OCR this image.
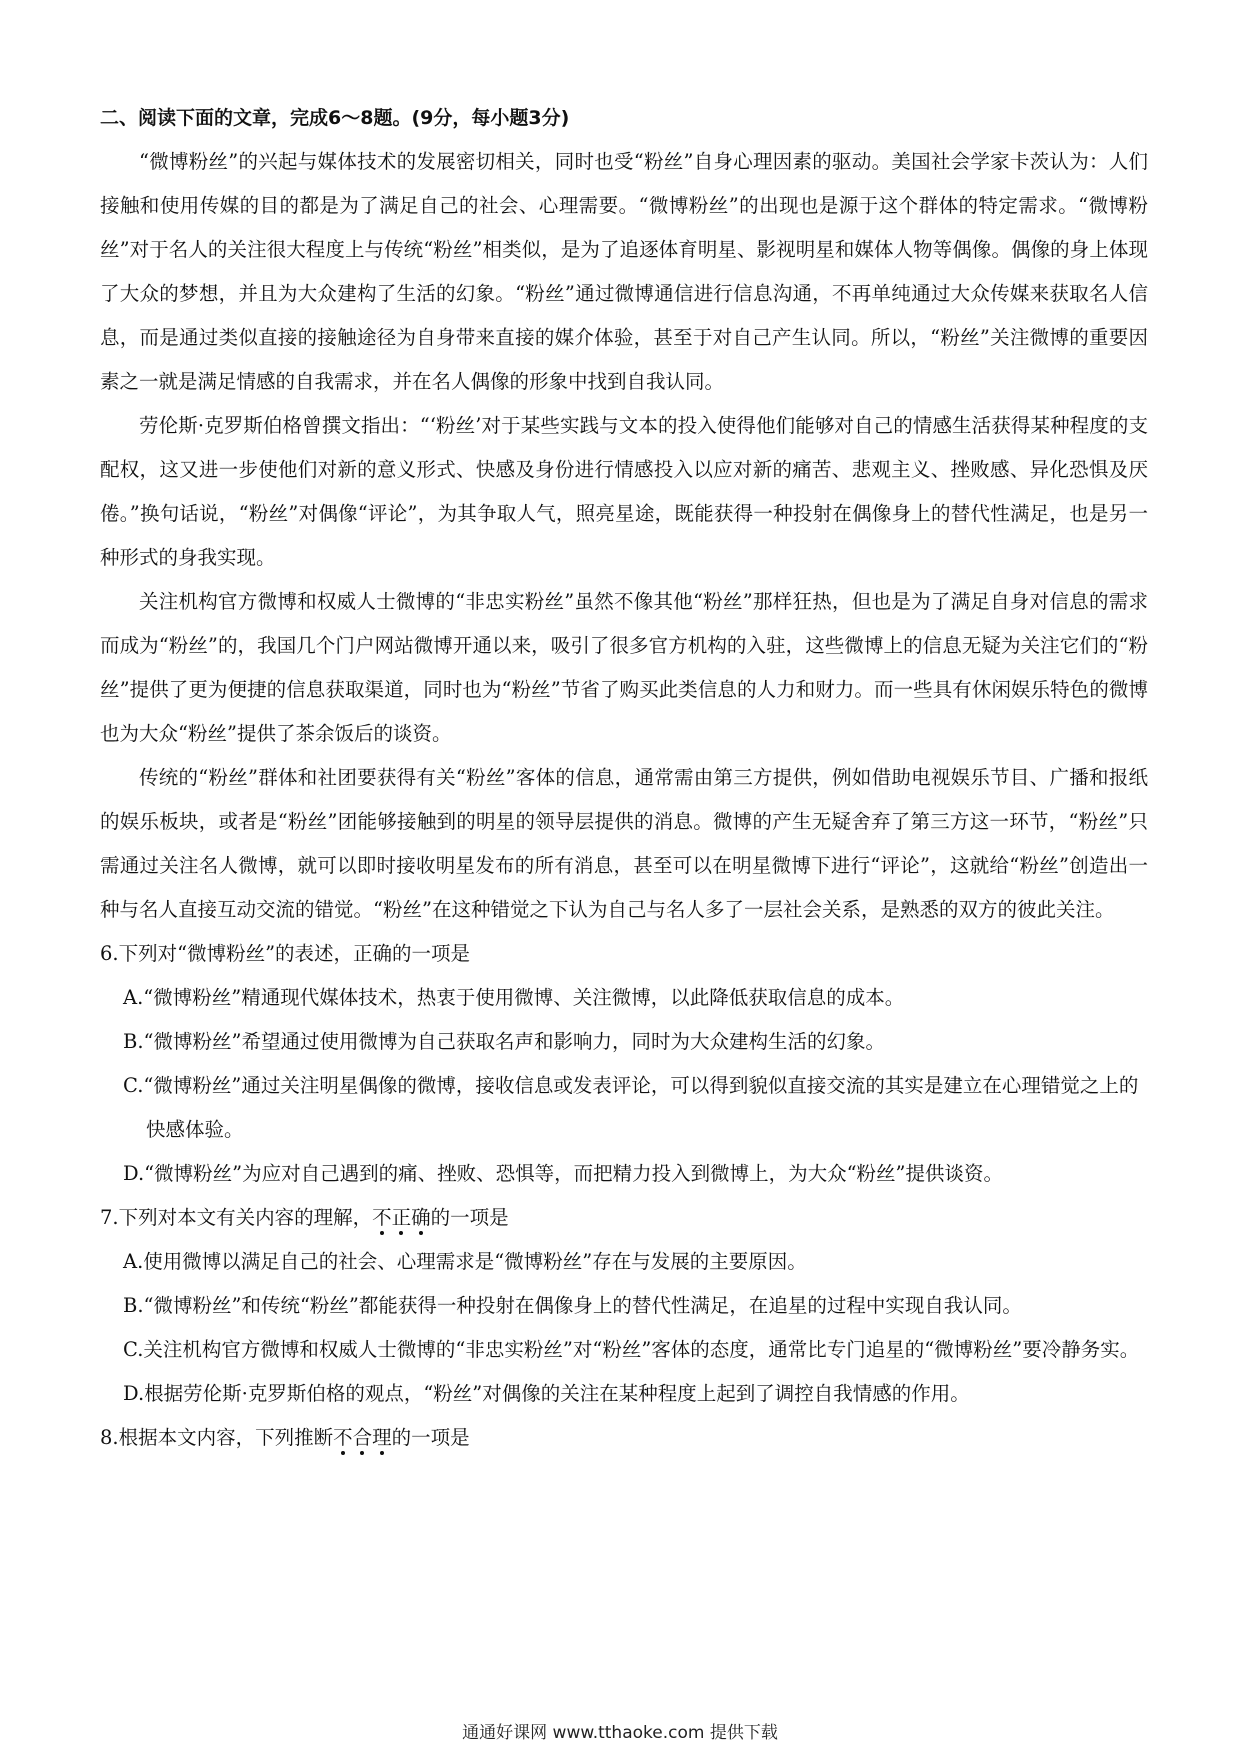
二、阅读下面的文章，完成6～8题。(9分，每小题3分)

“微博粉丝”的兴起与媒体技术的发展密切相关，同时也受“粉丝”自身心理因素的驱动。美国社会学家卡茨认为：人们接触和使用传媒的目的都是为了满足自己的社会、心理需要。“微博粉丝”的出现也是源于这个群体的特定需求。“微博粉丝”对于名人的关注很大程度上与传统“粉丝”相类似，是为了追逐体育明星、影视明星和媒体人物等偶像。偶像的身上体现了大众的梦想，并且为大众建构了生活的幻象。“粉丝”通过微博通信进行信息沟通，不再单纯通过大众传媒来获取名人信息，而是通过类似直接的接触途径为自身带来直接的媒介体验，甚至于对自己产生认同。所以，“粉丝”关注微博的重要因素之一就是满足情感的自我需求，并在名人偶像的形象中找到自我认同。

劳伦斯·克罗斯伯格曾撰文指出：“‘粉丝’对于某些实践与文本的投入使得他们能够对自己的情感生活获得某种程度的支配权，这又进一步使他们对新的意义形式、快感及身份进行情感投入以应对新的痛苦、悲观主义、挫败感、异化恐惧及厌倦。”换句话说，“粉丝”对偶像“评论”，为其争取人气，照亮星途，既能获得一种投射在偶像身上的替代性满足，也是另一种形式的身我实现。

关注机构官方微博和权威人士微博的“非忠实粉丝”虽然不像其他“粉丝”那样狂热，但也是为了满足自身对信息的需求而成为“粉丝”的，我国几个门户网站微博开通以来，吸引了很多官方机构的入驻，这些微博上的信息无疑为关注它们的“粉丝”提供了更为便捷的信息获取渠道，同时也为“粉丝”节省了购买此类信息的人力和财力。而一些具有休闲娱乐特色的微博也为大众“粉丝”提供了茶余饭后的谈资。

传统的“粉丝”群体和社团要获得有关“粉丝”客体的信息，通常需由第三方提供，例如借助电视娱乐节目、广播和报纸的娱乐板块，或者是“粉丝”团能够接触到的明星的领导层提供的消息。微博的产生无疑舍弃了第三方这一环节，“粉丝”只需通过关注名人微博，就可以即时接收明星发布的所有消息，甚至可以在明星微博下进行“评论”，这就给“粉丝”创造出一种与名人直接互动交流的错觉。“粉丝”在这种错觉之下认为自己与名人多了一层社会关系，是熟悉的双方的彼此关注。

6.下列对“微博粉丝”的表述，正确的一项是

A.“微博粉丝”精通现代媒体技术，热衷于使用微博、关注微博，以此降低获取信息的成本。

B.“微博粉丝”希望通过使用微博为自己获取名声和影响力，同时为大众建构生活的幻象。

C.“微博粉丝”通过关注明星偶像的微博，接收信息或发表评论，可以得到貌似直接交流的其实是建立在心理错觉之上的快感体验。

D.“微博粉丝”为应对自己遇到的痛、挫败、恐惧等，而把精力投入到微博上，为大众“粉丝”提供谈资。

7.下列对本文有关内容的理解，不正确的一项是

A.使用微博以满足自己的社会、心理需求是“微博粉丝”存在与发展的主要原因。

B.“微博粉丝”和传统“粉丝”都能获得一种投射在偶像身上的替代性满足，在追星的过程中实现自我认同。

C.关注机构官方微博和权威人士微博的“非忠实粉丝”对“粉丝”客体的态度，通常比专门追星的“微博粉丝”要冷静务实。

D.根据劳伦斯·克罗斯伯格的观点，“粉丝”对偶像的关注在某种程度上起到了调控自我情感的作用。

8.根据本文内容，下列推断不合理的一项是

通通好课网 www.tthaoke.com 提供下载
